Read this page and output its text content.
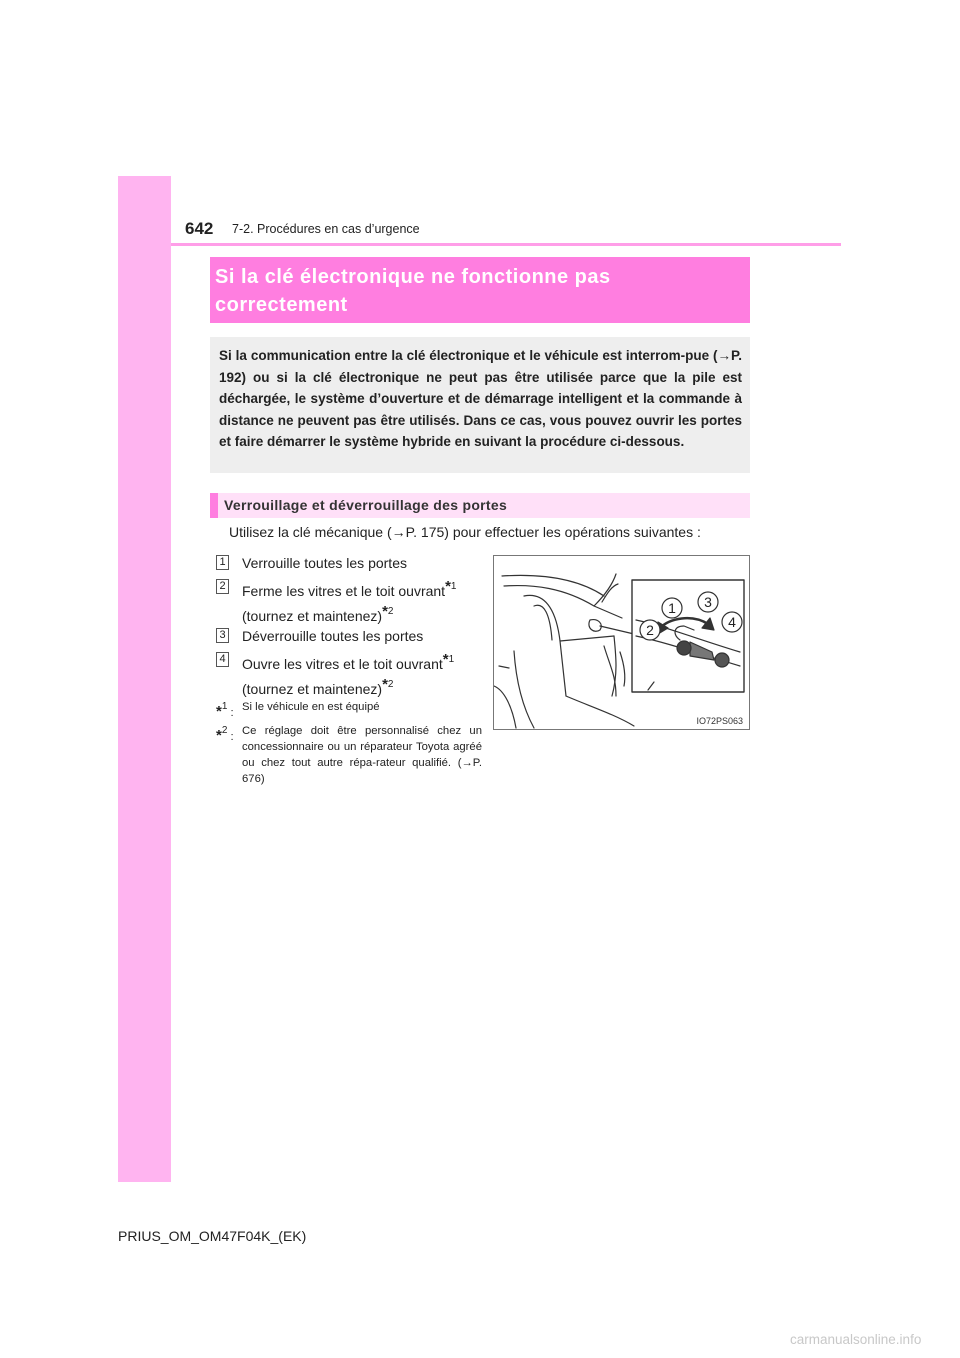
642 7-2. Procédures en cas d’urgence
Si la clé électronique ne fonctionne pas
correctement
Si la communication entre la clé électronique et le véhicule est interrom-pue (→P. 192) ou si la clé électronique ne peut pas être utilisée parce que la pile est déchargée, le système d’ouverture et de démarrage intelligent et la commande à distance ne peuvent pas être utilisés. Dans ce cas, vous pouvez ouvrir les portes et faire démarrer le système hybride en suivant la procédure ci-dessous.
Verrouillage et déverrouillage des portes
Utilisez la clé mécanique (→P. 175) pour effectuer les opérations suivantes :
1 Verrouille toutes les portes
2 Ferme les vitres et le toit ouvrant$^{*1}$
(tournez et maintenez)$^{*2}$
3 Déverrouille toutes les portes
4 Ouvre les vitres et le toit ouvrant$^{*1}$
(tournez et maintenez)$^{*2}$
*$^1$ : Si le véhicule en est équipé
*$^2$ : Ce réglage doit être personnalisé chez un concessionnaire ou un réparateur Toyota agréé ou chez tout autre répa-rateur qualifié. (→P. 676)
1
2
3
4
IO72PS063
PRIUS_OM_OM47F04K_(EK)
carmanualsonline.info
